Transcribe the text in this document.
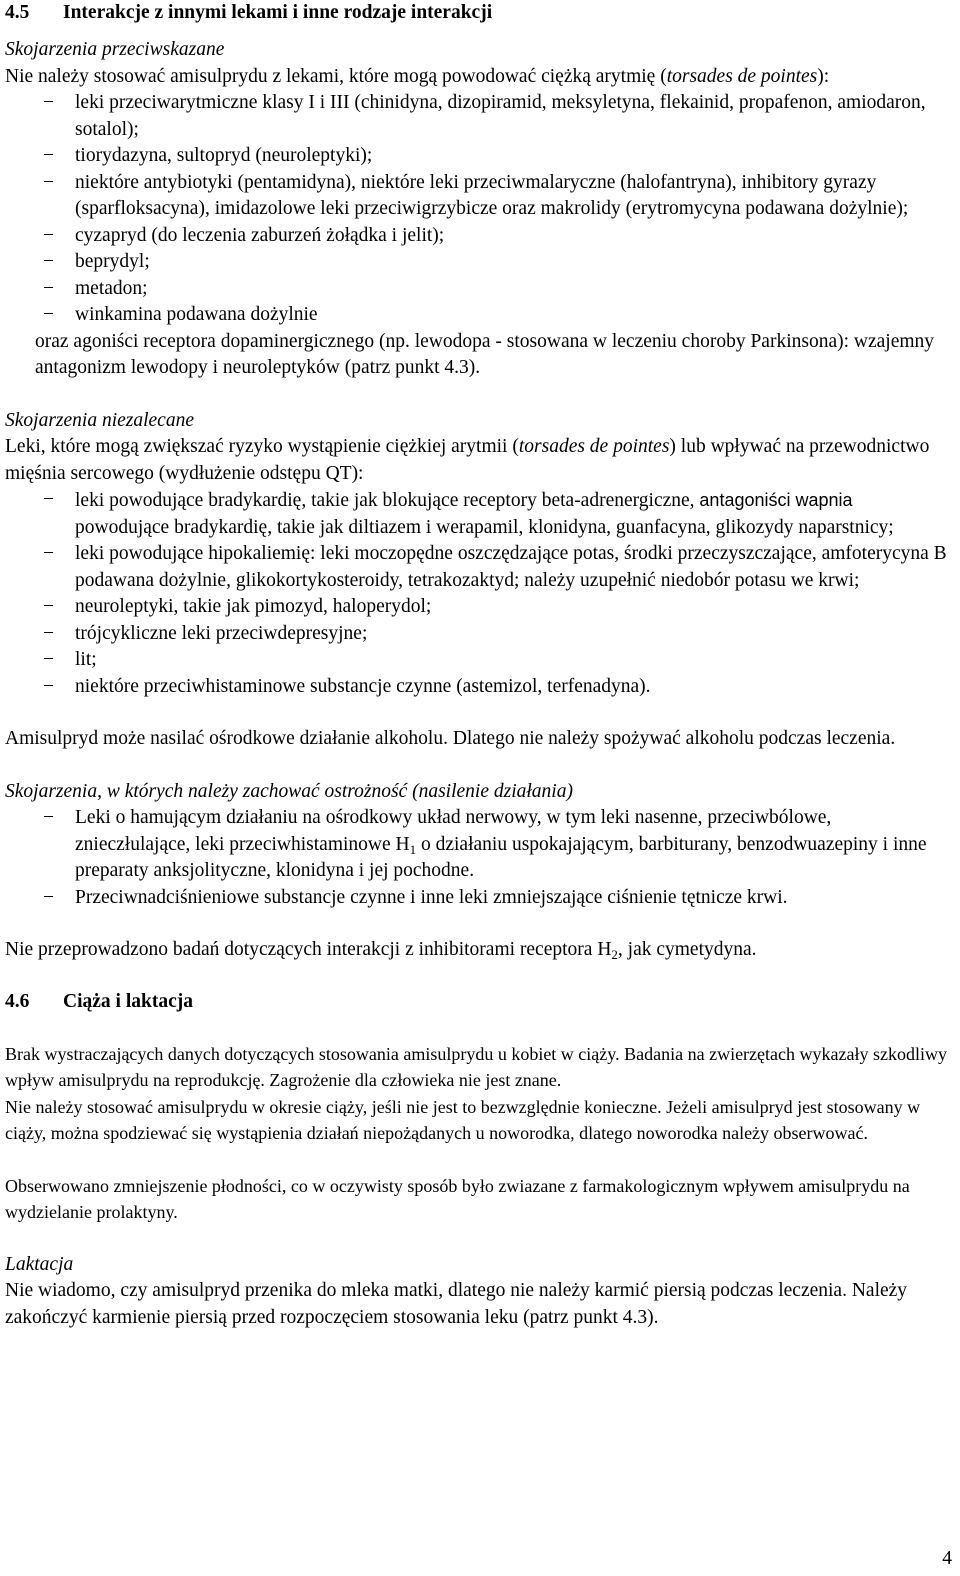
4.5	Interakcje z innymi lekami i inne rodzaje interakcji

Skojarzenia przeciwskazane

Nie należy stosować amisulprydu z lekami, które mogą powodować ciężką arytmię (torsades de pointes):

− leki przeciwarytmiczne klasy I i III (chinidyna, dizopiramid, meksyletyna, flekainid, propafenon, amiodaron, sotalol);
− tiorydazyna, sultopryd (neuroleptyki);
− niektóre antybiotyki (pentamidyna), niektóre leki przeciwmalaryczne (halofantryna), inhibitory gyrazy (sparfloksacyna), imidazolowe leki przeciwigrzybicze oraz makrolidy (erytromycyna podawana dożylnie);
− cyzapryd (do leczenia zaburzeń żołądka i jelit);
− beprydyl;
− metadon;
− winkamina podawana dożylnie

oraz agoniści receptora dopaminergicznego (np. lewodopa - stosowana w leczeniu choroby Parkinsona): wzajemny antagonizm lewodopy i neuroleptyków (patrz punkt 4.3).

Skojarzenia niezalecane

Leki, które mogą zwiększać ryzyko wystąpienie ciężkiej arytmii (torsades de pointes) lub wpływać na przewodnictwo mięśnia sercowego (wydłużenie odstępu QT):

− leki powodujące bradykardię, takie jak blokujące receptory beta-adrenergiczne, antagoniści wapnia powodujące bradykardię, takie jak diltiazem i werapamil, klonidyna, guanfacyna, glikozydy naparstnicy;
− leki powodujące hipokaliemię: leki moczopędne oszczędzające potas, środki przeczyszczające, amfoterycyna B podawana dożylnie, glikokortykosteroidy, tetrakozaktyd; należy uzupełnić niedobór potasu we krwi;
− neuroleptyki, takie jak pimozyd, haloperydol;
− trójcykliczne leki przeciwdepresyjne;
− lit;
− niektóre przeciwhistaminowe substancje czynne (astemizol, terfenadyna).

Amisulpryd może nasilać ośrodkowe działanie alkoholu. Dlatego nie należy spożywać alkoholu podczas leczenia.

Skojarzenia, w których należy zachować ostrożność (nasilenie działania)

− Leki o hamującym działaniu na ośrodkowy układ nerwowy, w tym leki nasenne, przeciwbólowe, znieczłulające, leki przeciwhistaminowe $H_1$ o działaniu uspokajającym, barbiturany, benzodwuazepiny i inne preparaty anksjolityczne, klonidyna i jej pochodne.
− Przeciwnadciśnieniowe substancje czynne i inne leki zmniejszające ciśnienie tętnicze krwi.

Nie przeprowadzono badań dotyczących interakcji z inhibitorami receptora $H_2$, jak cymetydyna.

4.6	Ciąża i laktacja

Brak wystraczających danych dotyczących stosowania amisulprydu u kobiet w ciąży. Badania na zwierzętach wykazały szkodliwy wpływ amisulprydu na reprodukcję. Zagrożenie dla człowieka nie jest znane.

Nie należy stosować amisulprydu w okresie ciąży, jeśli nie jest to bezwzględnie konieczne. Jeżeli amisulpryd jest stosowany w ciąży, można spodziewać się wystąpienia działań niepożądanych u noworodka, dlatego noworodka należy obserwować.

Obserwowano zmniejszenie płodności, co w oczywisty sposób było zwiazane z farmakologicznym wpływem amisulprydu na wydzielanie prolaktyny.

Laktacja

Nie wiadomo, czy amisulpryd przenika do mleka matki, dlatego nie należy karmić piersią podczas leczenia. Należy zakończyć karmienie piersią przed rozpoczęciem stosowania leku (patrz punkt 4.3).

4
